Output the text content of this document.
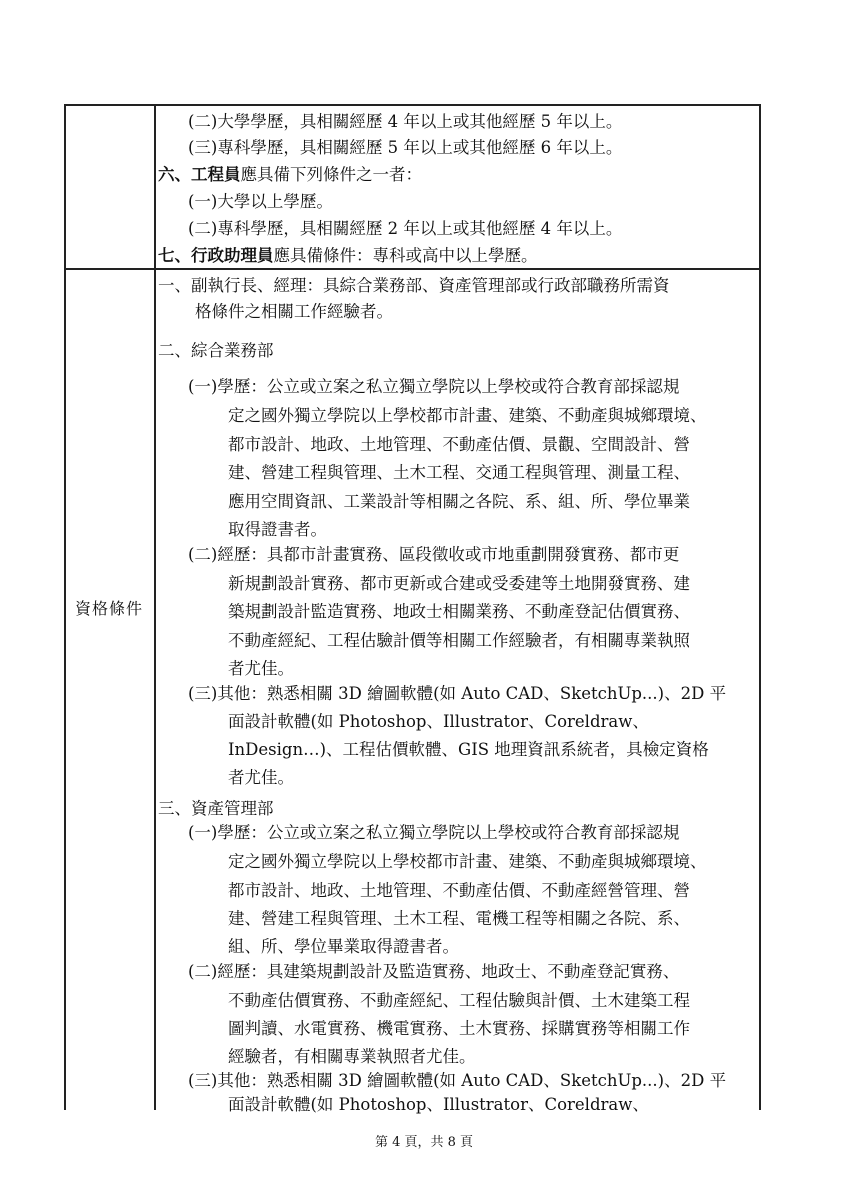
(二)大學學歷，具相關經歷 4 年以上或其他經歷 5 年以上。
(三)專科學歷，具相關經歷 5 年以上或其他經歷 6 年以上。
六、工程員應具備下列條件之一者：
(一)大學以上學歷。
(二)專科學歷，具相關經歷 2 年以上或其他經歷 4 年以上。
七、行政助理員應具備條件：專科或高中以上學歷。
資格條件
一、副執行長、經理：具綜合業務部、資產管理部或行政部職務所需資
格條件之相關工作經驗者。
二、綜合業務部
(一)學歷：公立或立案之私立獨立學院以上學校或符合教育部採認規
定之國外獨立學院以上學校都市計畫、建築、不動產與城鄉環境、
都市設計、地政、土地管理、不動產估價、景觀、空間設計、營
建、營建工程與管理、土木工程、交通工程與管理、測量工程、
應用空間資訊、工業設計等相關之各院、系、組、所、學位畢業
取得證書者。
(二)經歷：具都市計畫實務、區段徵收或市地重劃開發實務、都市更
新規劃設計實務、都市更新或合建或受委建等土地開發實務、建
築規劃設計監造實務、地政士相關業務、不動產登記估價實務、
不動產經紀、工程估驗計價等相關工作經驗者，有相關專業執照
者尤佳。
(三)其他：熟悉相關 3D 繪圖軟體(如 Auto CAD、SketchUp...)、2D 平
面設計軟體(如 Photoshop、Illustrator、Coreldraw、
InDesign…)、工程估價軟體、GIS 地理資訊系統者，具檢定資格
者尤佳。
三、資產管理部
(一)學歷：公立或立案之私立獨立學院以上學校或符合教育部採認規
定之國外獨立學院以上學校都市計畫、建築、不動產與城鄉環境、
都市設計、地政、土地管理、不動產估價、不動產經營管理、營
建、營建工程與管理、土木工程、電機工程等相關之各院、系、
組、所、學位畢業取得證書者。
(二)經歷：具建築規劃設計及監造實務、地政士、不動產登記實務、
不動產估價實務、不動產經紀、工程估驗與計價、土木建築工程
圖判讀、水電實務、機電實務、土木實務、採購實務等相關工作
經驗者，有相關專業執照者尤佳。
(三)其他：熟悉相關 3D 繪圖軟體(如 Auto CAD、SketchUp...)、2D 平
面設計軟體(如 Photoshop、Illustrator、Coreldraw、
第 4 頁，共 8 頁
